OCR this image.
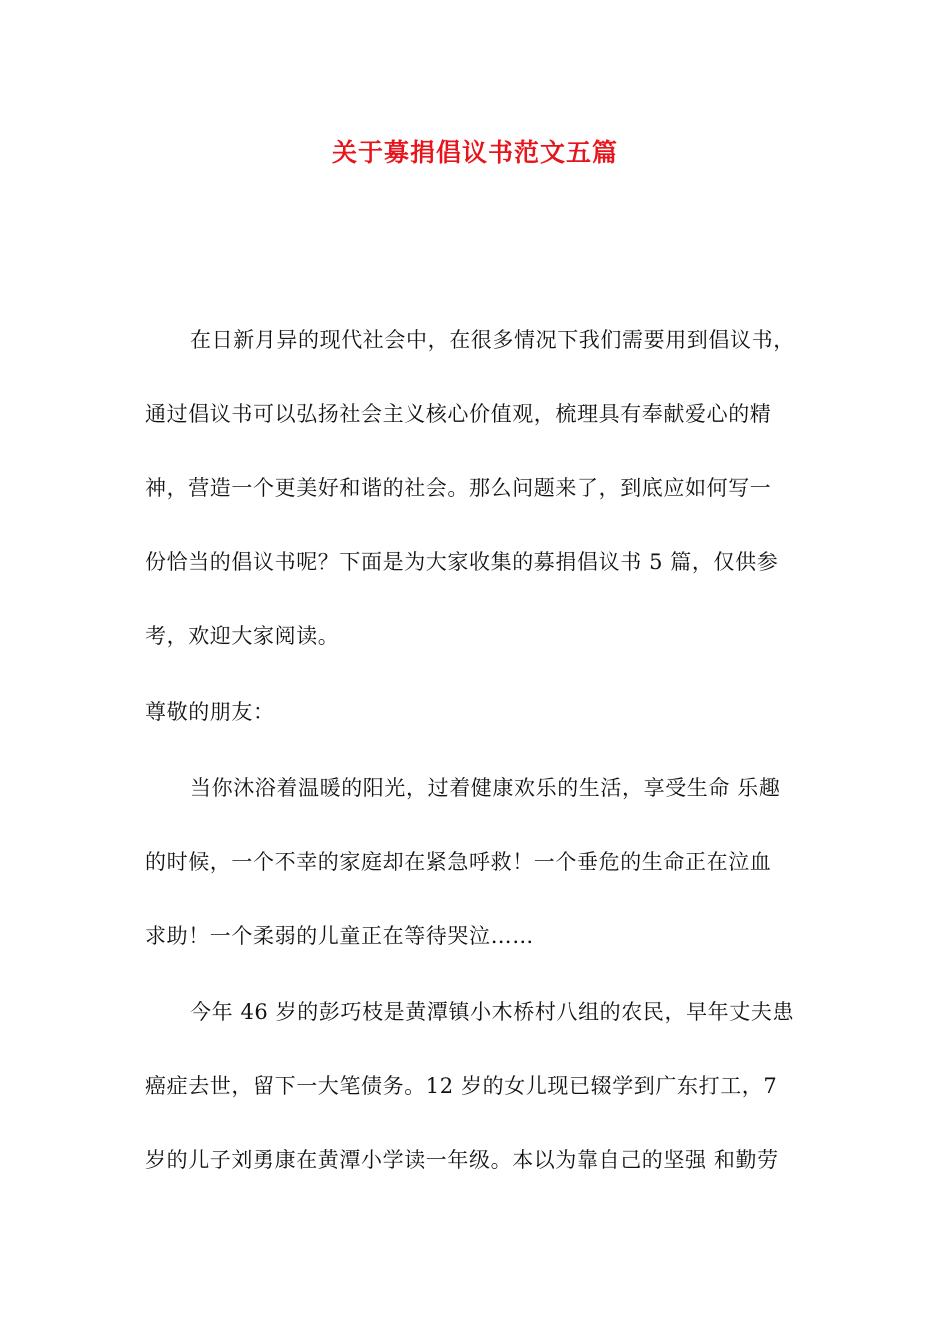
关于募捐倡议书范文五篇
在日新月异的现代社会中，在很多情况下我们需要用到倡议书，
通过倡议书可以弘扬社会主义核心价值观，梳理具有奉献爱心的精
神，营造一个更美好和谐的社会。那么问题来了，到底应如何写一
份恰当的倡议书呢？下面是为大家收集的募捐倡议书 5 篇，仅供参
考，欢迎大家阅读。
尊敬的朋友：
当你沐浴着温暖的阳光，过着健康欢乐的生活，享受生命 乐趣
的时候，一个不幸的家庭却在紧急呼救！一个垂危的生命正在泣血
求助！一个柔弱的儿童正在等待哭泣……
今年 46 岁的彭巧枝是黄潭镇小木桥村八组的农民，早年丈夫患
癌症去世，留下一大笔债务。12 岁的女儿现已辍学到广东打工，7
岁的儿子刘勇康在黄潭小学读一年级。本以为靠自己的坚强 和勤劳
